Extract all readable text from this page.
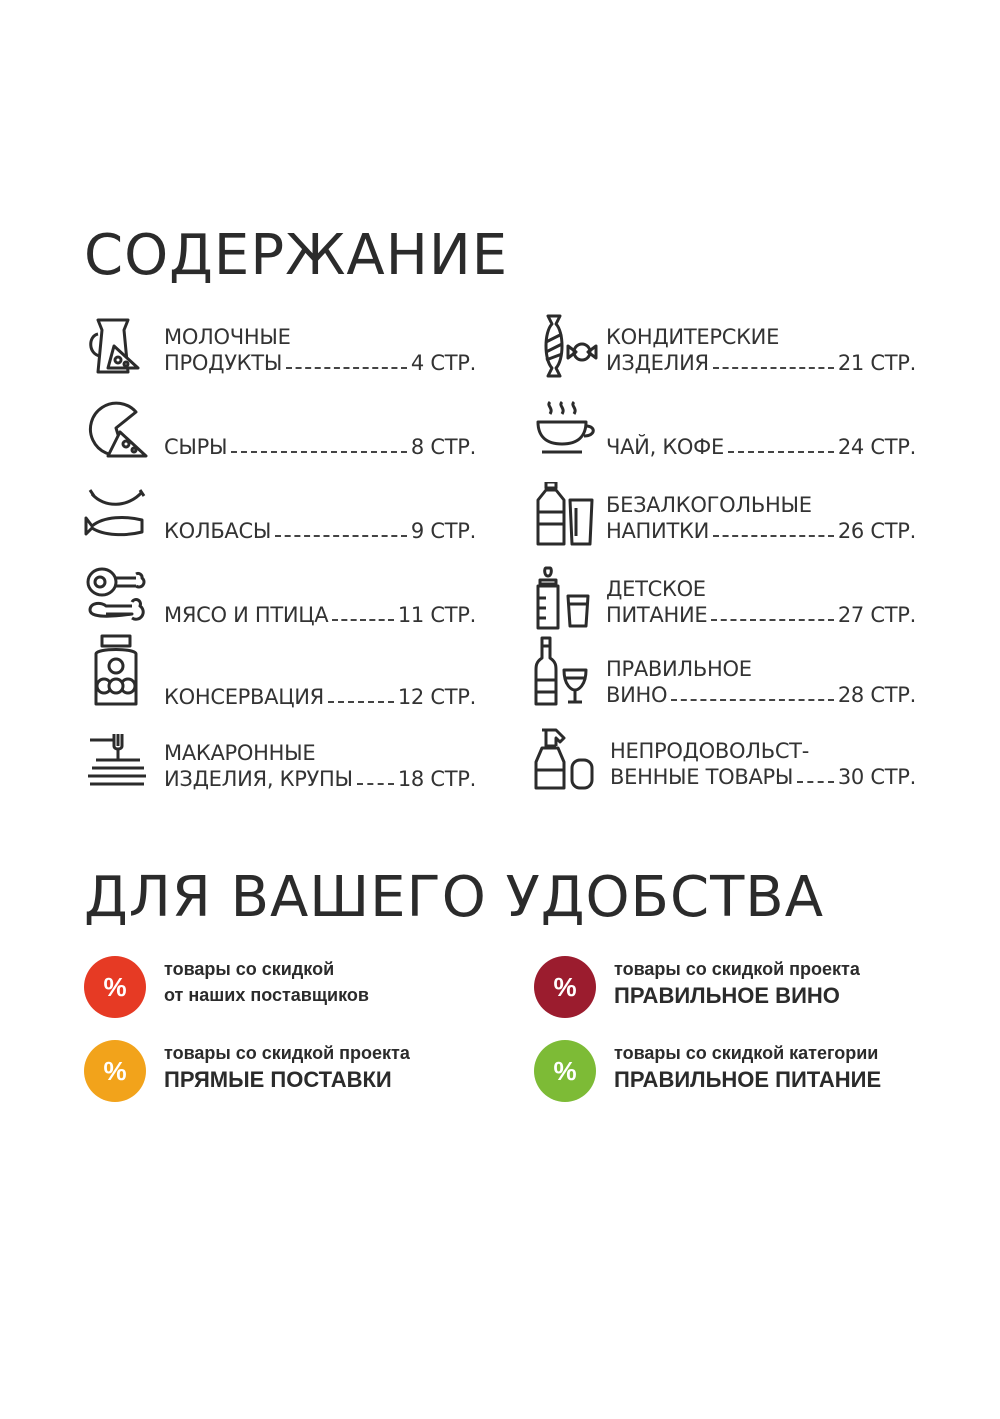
СОДЕРЖАНИЕ
МОЛОЧНЫЕ
ПРОДУКТЫ	4 СТР.
СЫРЫ	8 СТР.
КОЛБАСЫ	9 СТР.
МЯСО И ПТИЦА	11 СТР.
КОНСЕРВАЦИЯ	12 СТР.
МАКАРОННЫЕ
ИЗДЕЛИЯ, КРУПЫ 18 СТР.
КОНДИТЕРСКИЕ
ИЗДЕЛИЯ	21 СТР.
ЧАЙ, КОФЕ	24 СТР.
БЕЗАЛКОГОЛЬНЫЕ
НАПИТКИ	26 СТР.
ДЕТСКОЕ
ПИТАНИЕ	27 СТР.
ПРАВИЛЬНОЕ
ВИНО	28 СТР.
НЕПРОДОВОЛЬСТ-
ВЕННЫЕ ТОВАРЫ 30 СТР.
ДЛЯ ВАШЕГО УДОБСТВА
%
товары со скидкой
от наших поставщиков	%
товары со скидкой проекта
ПРАВИЛЬНОЕ ВИНО
%
товары со скидкой проекта
ПРЯМЫЕ ПОСТАВКИ	%
товары со скидкой категории
ПРАВИЛЬНОЕ ПИТАНИЕ
